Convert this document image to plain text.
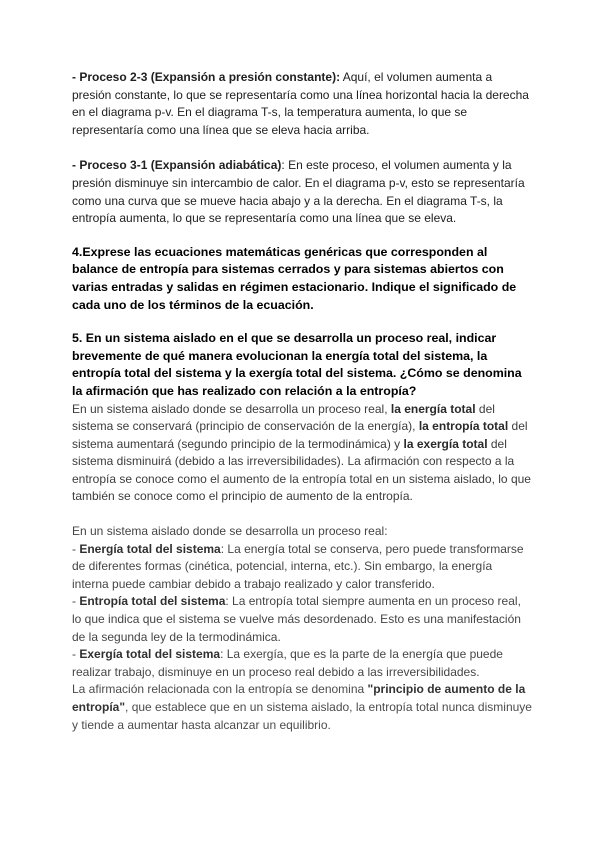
- Proceso 2-3 (Expansión a presión constante): Aquí, el volumen aumenta a presión constante, lo que se representaría como una línea horizontal hacia la derecha en el diagrama p-v. En el diagrama T-s, la temperatura aumenta, lo que se representaría como una línea que se eleva hacia arriba.

- Proceso 3-1 (Expansión adiabática): En este proceso, el volumen aumenta y la presión disminuye sin intercambio de calor. En el diagrama p-v, esto se representaría como una curva que se mueve hacia abajo y a la derecha. En el diagrama T-s, la entropía aumenta, lo que se representaría como una línea que se eleva.

4.Exprese las ecuaciones matemáticas genéricas que corresponden al balance de entropía para sistemas cerrados y para sistemas abiertos con varias entradas y salidas en régimen estacionario. Indique el significado de cada uno de los términos de la ecuación.

5. En un sistema aislado en el que se desarrolla un proceso real, indicar brevemente de qué manera evolucionan la energía total del sistema, la entropía total del sistema y la exergía total del sistema. ¿Cómo se denomina la afirmación que has realizado con relación a la entropía?

En un sistema aislado donde se desarrolla un proceso real, la energía total del sistema se conservará (principio de conservación de la energía), la entropía total del sistema aumentará (segundo principio de la termodinámica) y la exergía total del sistema disminuirá (debido a las irreversibilidades). La afirmación con respecto a la entropía se conoce como el aumento de la entropía total en un sistema aislado, lo que también se conoce como el principio de aumento de la entropía.

En un sistema aislado donde se desarrolla un proceso real:

- Energía total del sistema: La energía total se conserva, pero puede transformarse de diferentes formas (cinética, potencial, interna, etc.). Sin embargo, la energía interna puede cambiar debido a trabajo realizado y calor transferido.

- Entropía total del sistema: La entropía total siempre aumenta en un proceso real, lo que indica que el sistema se vuelve más desordenado. Esto es una manifestación de la segunda ley de la termodinámica.

- Exergía total del sistema: La exergía, que es la parte de la energía que puede realizar trabajo, disminuye en un proceso real debido a las irreversibilidades.

La afirmación relacionada con la entropía se denomina "principio de aumento de la entropía", que establece que en un sistema aislado, la entropía total nunca disminuye y tiende a aumentar hasta alcanzar un equilibrio.
